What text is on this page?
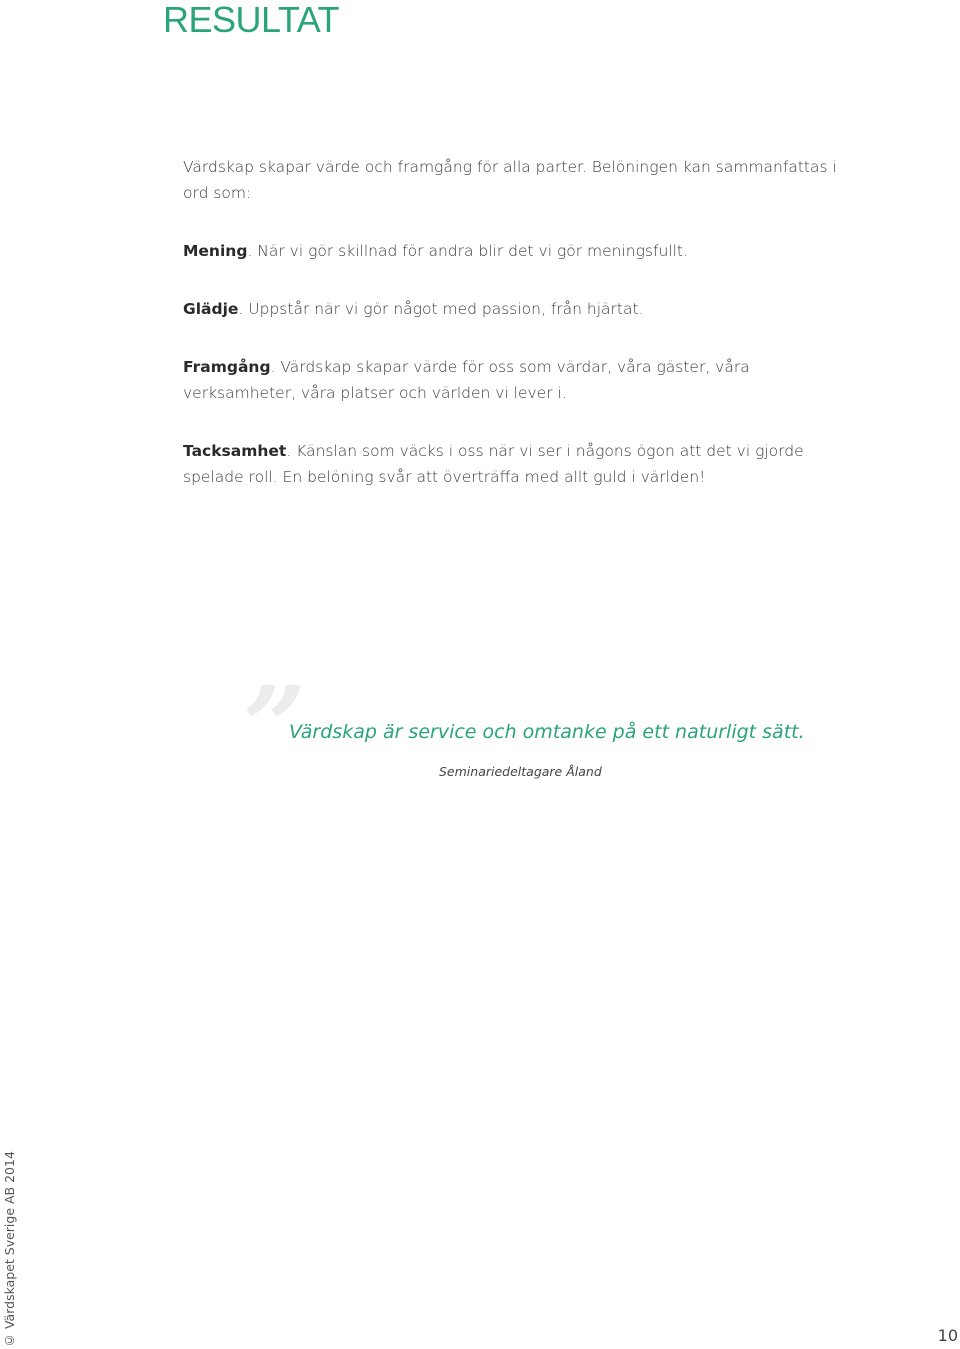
RESULTAT

Värdskap skapar värde och framgång för alla parter. Belöningen kan sammanfattas i ord som:

Mening. När vi gör skillnad för andra blir det vi gör meningsfullt.

Glädje. Uppstår när vi gör något med passion, från hjärtat.

Framgång. Värdskap skapar värde för oss som värdar, våra gäster, våra verksamheter, våra platser och världen vi lever i.

Tacksamhet. Känslan som väcks i oss när vi ser i någons ögon att det vi gjorde spelade roll. En belöning svår att överträffa med allt guld i världen!

”
Värdskap är service och omtanke på ett naturligt sätt.
Seminariedeltagare Åland
© Värdskapet Sverige AB 2014	10
